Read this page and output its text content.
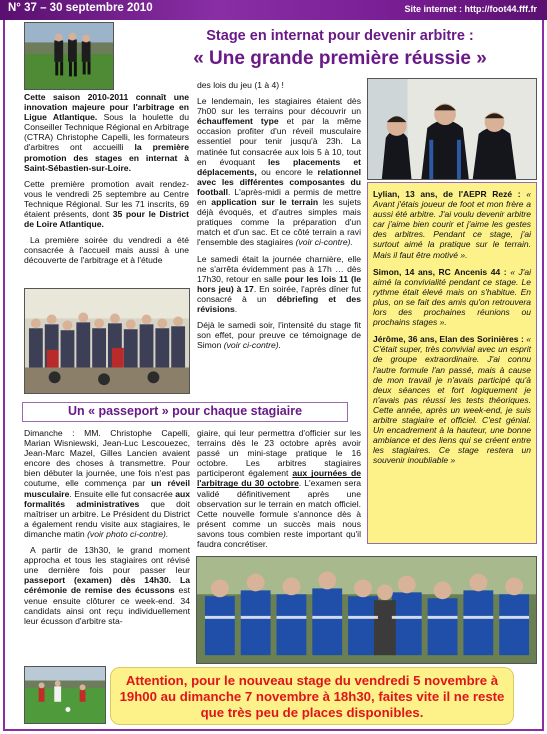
N° 37 – 30 septembre 2010	Site internet : http://foot44.fff.fr
Stage en internat pour devenir arbitre :
« Une grande première réussie »

Cette saison 2010-2011 connaît une innovation majeure pour l'arbitrage en Ligue Atlantique. Sous la houlette du Conseiller Technique Régional en Arbitrage (CTRA) Christophe Capelli, les formateurs d'arbitres ont accueilli la première promotion des stages en internat à Saint-Sébastien-sur-Loire.

Cette première promotion avait rendez-vous le vendredi 25 septembre au Centre Technique Régional. Sur les 71 inscrits, 69 étaient présents, dont 35 pour le District de Loire Atlantique.

La première soirée du vendredi a été consacrée à l'accueil mais aussi à une découverte de l'arbitrage et à l'étude

des lois du jeu (1 à 4) !

Le lendemain, les stagiaires étaient dès 7h00 sur les terrains pour découvrir un échauffement type et par la même occasion profiter d'un réveil musculaire essentiel pour tenir jusqu'à 23h. La matinée fut consacrée aux lois 5 à 10, tout en évoquant les placements et déplacements, ou encore le relationnel avec les différentes composantes du football. L'après-midi a permis de mettre en application sur le terrain les sujets déjà évoqués, et d'autres simples mais pratiques comme la préparation d'un match et d'un sac. Et ce côté terrain a ravi l'ensemble des stagiaires (voir ci-contre).

Le samedi était la journée charnière, elle ne s'arrêta évidemment pas à 17h … dès 17h30, retour en salle pour les lois 11 (le hors jeu) à 17. En soirée, l'après dîner fut consacré à un débriefing et des révisions.

Déjà le samedi soir, l'intensité du stage fit son effet, pour preuve ce témoignage de Simon (voir ci-contre).

Lylian, 13 ans, de l'AEPR Rezé : « Avant j'étais joueur de foot et mon frère a aussi été arbitre. J'ai voulu devenir arbitre car j'aime bien courir et j'aime les gestes des arbitres. Pendant ce stage, j'ai surtout aimé la pratique sur le terrain. Mais il faut être motivé ».

Simon, 14 ans, RC Ancenis 44 : « J'ai aimé la convivialité pendant ce stage. Le rythme était élevé mais on s'habitue. En plus, on se fait des amis qu'on retrouvera lors des prochaines réunions ou prochains stages ».

Jérôme, 36 ans, Elan des Sorinières : « C'était super, très convivial avec un esprit de groupe extraordinaire. J'ai connu l'autre formule l'an passé, mais à cause de mon travail je n'avais participé qu'à deux séances et fort logiquement je n'avais pas réussi les tests théoriques. Cette année, après un week-end, je suis arbitre stagiaire et officiel. C'est génial. Un encadrement à la hauteur, une bonne ambiance et des liens qui se créent entre les stagiaires. Ce stage restera un souvenir inoubliable »

Un « passeport » pour chaque stagiaire

Dimanche : MM. Christophe Capelli, Marian Wisniewski, Jean-Luc Lescouezec, Jean-Marc Mazel, Gilles Lancien avaient encore des choses à transmettre. Pour bien débuter la journée, une fois n'est pas coutume, elle commença par un réveil musculaire. Ensuite elle fut consacrée aux formalités administratives que doit maîtriser un arbitre. Le Président du District a également rendu visite aux stagiaires, le dimanche matin (voir photo ci-contre).

A partir de 13h30, le grand moment approcha et tous les stagiaires ont révisé une dernière fois pour passer leur passeport (examen) dès 14h30. La cérémonie de remise des écussons est venue ensuite clôturer ce week-end. 34 candidats ainsi ont reçu individuellement leur écusson d'arbitre sta-

giaire, qui leur permettra d'officier sur les terrains dès le 23 octobre après avoir passé un mini-stage pratique le 16 octobre. Les arbitres stagiaires participeront également aux journées de l'arbitrage du 30 octobre. L'examen sera validé définitivement après une observation sur le terrain en match officiel. Cette nouvelle formule s'annonce dès à présent comme un succès mais nous savons tous combien reste important qu'il faudra concrétiser.

Attention, pour le nouveau stage du vendredi 5 novembre à 19h00 au dimanche 7 novembre à 18h30, faites vite il ne reste que très peu de places disponibles.
